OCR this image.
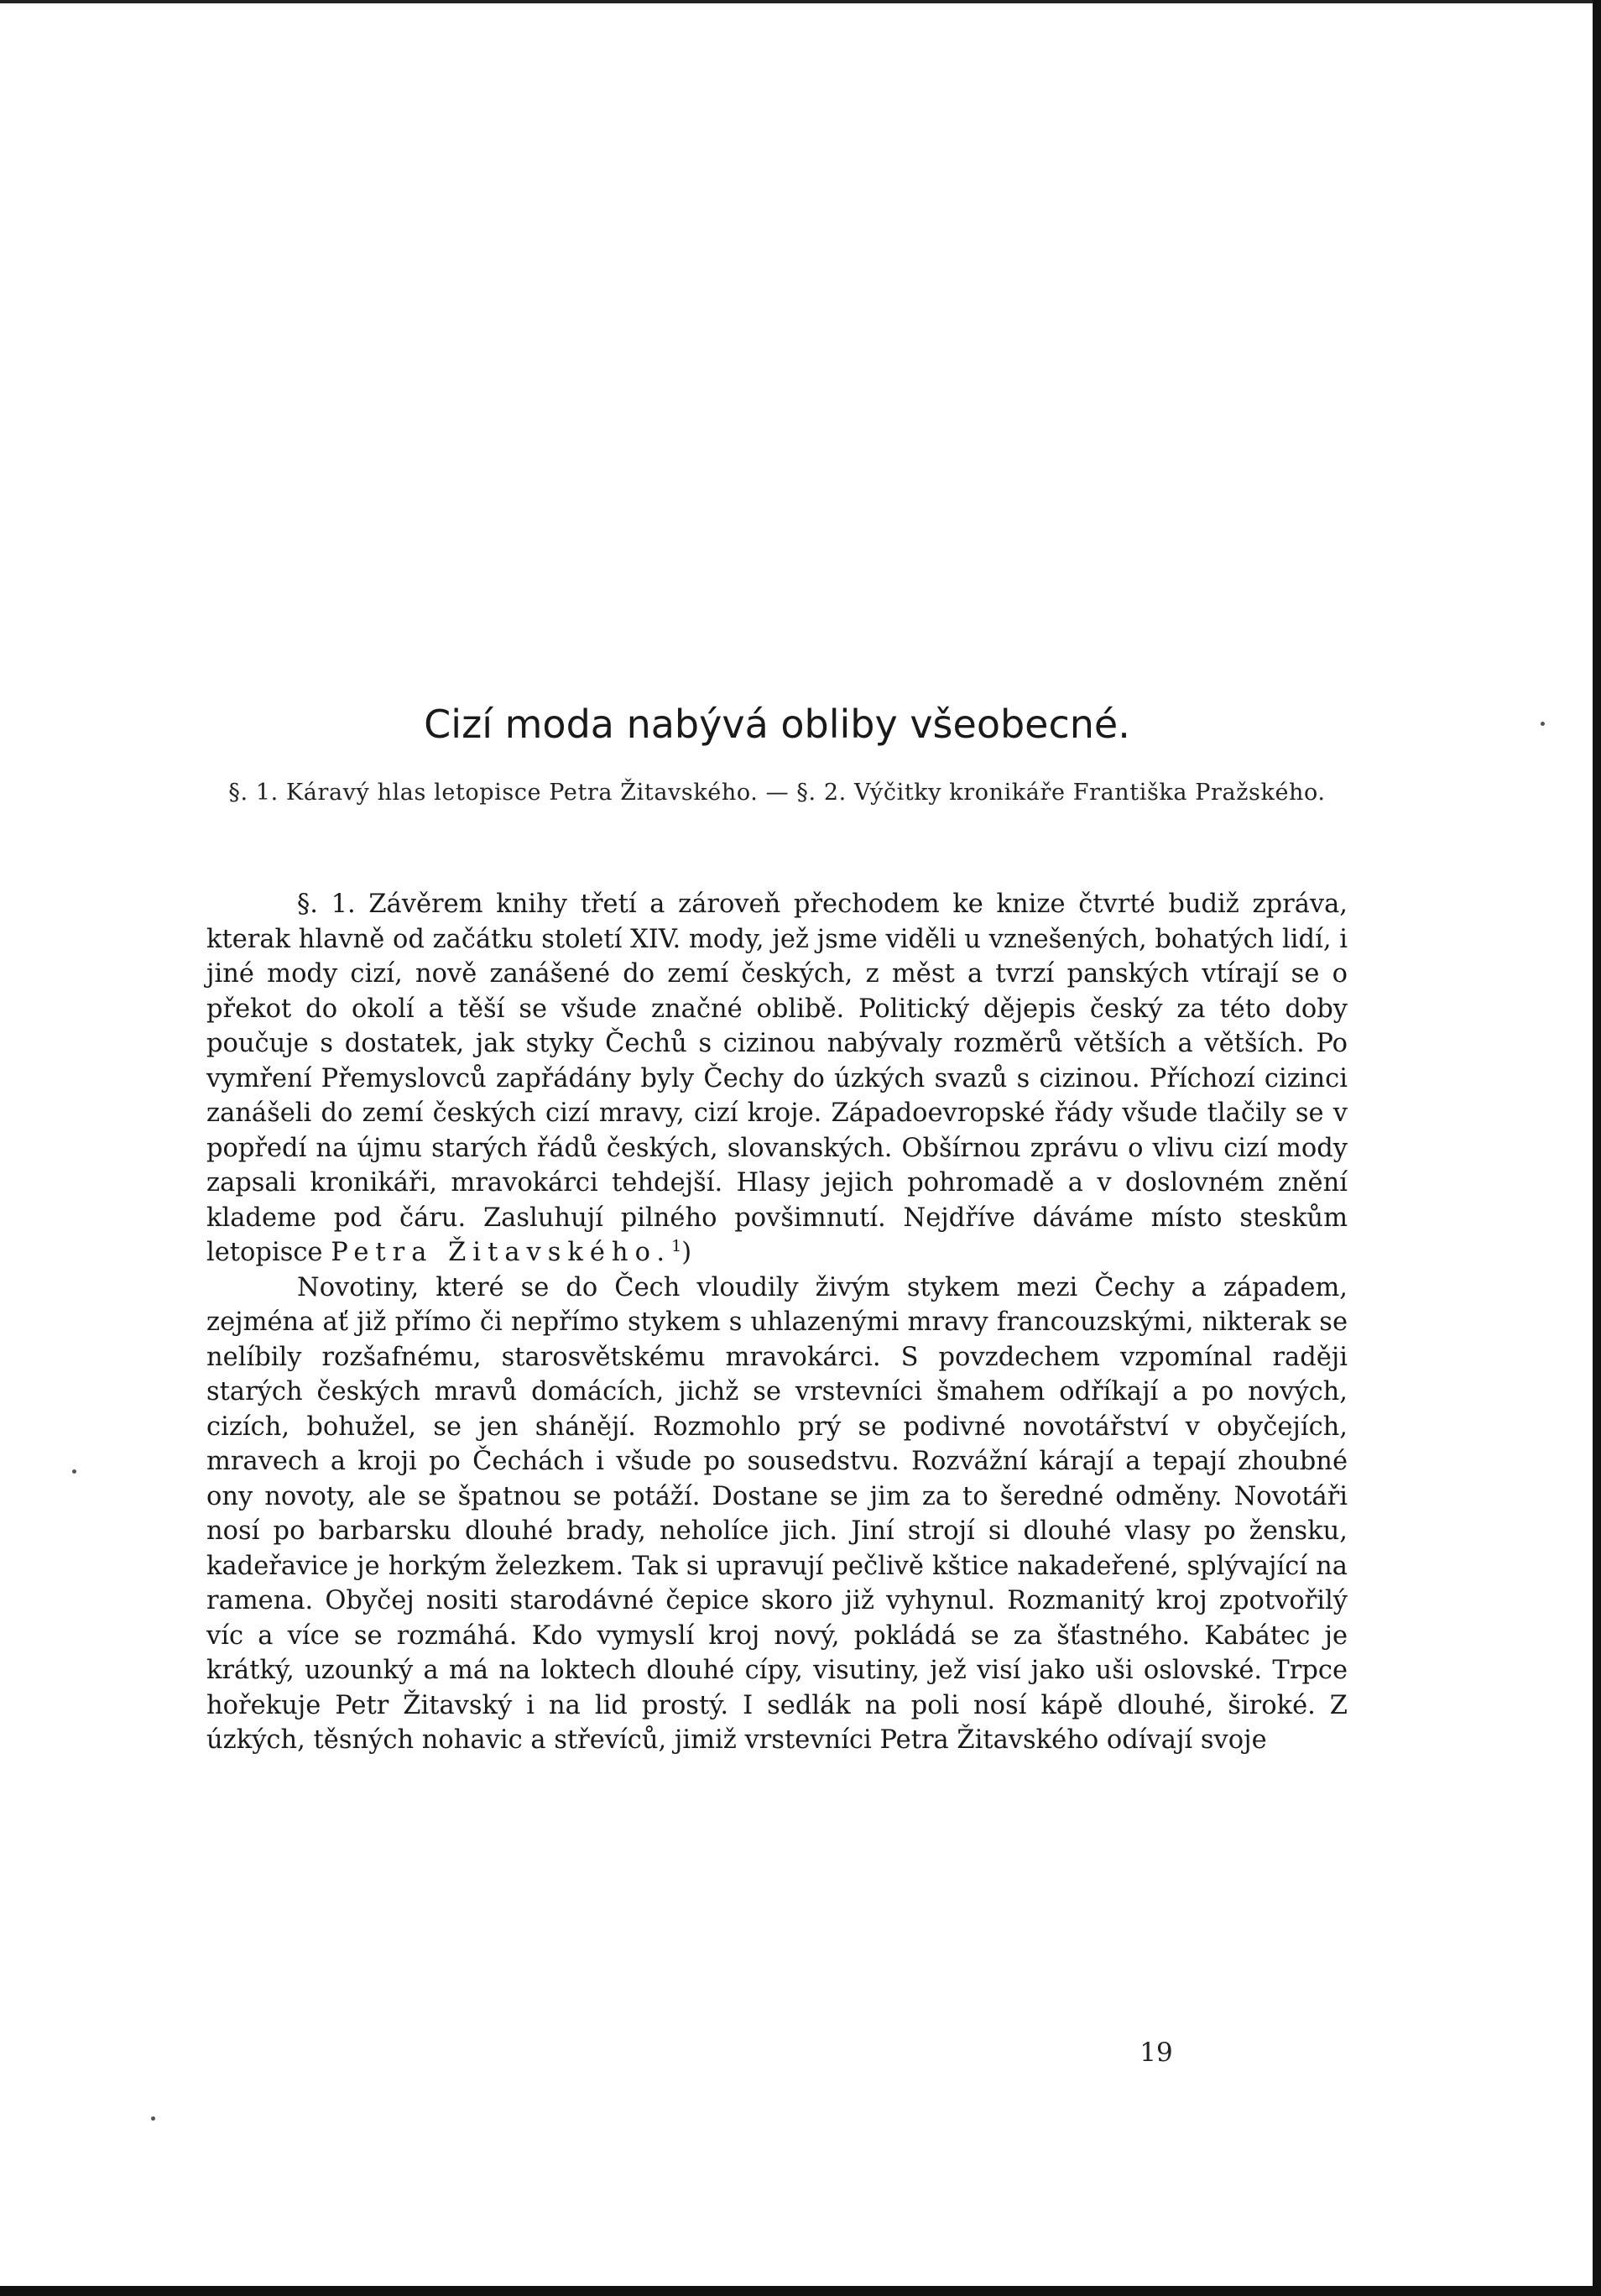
Cizí moda nabývá obliby všeobecné.
§. 1. Káravý hlas letopisce Petra Žitavského. — §. 2. Výčitky kronikáře Františka Pražského.

§. 1. Závěrem knihy třetí a zároveň přechodem ke knize čtvrté budiž zpráva, kterak hlavně od začátku století XIV. mody, jež jsme viděli u vznešených, bohatých lidí, i jiné mody cizí, nově zanášené do zemí českých, z měst a tvrzí panských vtírají se o překot do okolí a těší se všude značné oblibě. Politický dějepis český za této doby poučuje s dostatek, jak styky Čechů s cizinou nabývaly rozměrů větších a větších. Po vymření Přemyslovců zapřádány byly Čechy do úzkých svazů s cizinou. Příchozí cizinci zanášeli do zemí českých cizí mravy, cizí kroje. Západoevropské řády všude tlačily se v popředí na újmu starých řádů českých, slovanských. Obšírnou zprávu o vlivu cizí mody zapsali kronikáři, mravokárci tehdejší. Hlasy jejich pohromadě a v doslovném znění klademe pod čáru. Zasluhují pilného povšimnutí. Nejdříve dáváme místo steskům letopisce Petra Žitavského.$^1$)

Novotiny, které se do Čech vloudily živým stykem mezi Čechy a západem, zejména ať již přímo či nepřímo stykem s uhlazenými mravy francouzskými, nikterak se nelíbily rozšafnému, starosvětskému mravokárci. S povzdechem vzpomínal raději starých českých mravů domácích, jichž se vrstevníci šmahem odříkají a po nových, cizích, bohužel, se jen shánějí. Rozmohlo prý se podivné novotářství v obyčejích, mravech a kroji po Čechách i všude po sousedstvu. Rozvážní kárají a tepají zhoubné ony novoty, ale se špatnou se potáží. Dostane se jim za to šeredné odměny. Novotáři nosí po barbarsku dlouhé brady, neholíce jich. Jiní strojí si dlouhé vlasy po žensku, kadeřavice je horkým železkem. Tak si upravují pečlivě kštice nakadeřené, splývající na ramena. Obyčej nositi starodávné čepice skoro již vyhynul. Rozmanitý kroj zpotvořilý víc a více se rozmáhá. Kdo vymyslí kroj nový, pokládá se za šťastného. Kabátec je krátký, uzounký a má na loktech dlouhé cípy, visutiny, jež visí jako uši oslovské. Trpce hořekuje Petr Žitavský i na lid prostý. I sedlák na poli nosí kápě dlouhé, široké. Z úzkých, těsných nohavic a střevíců, jimiž vrstevníci Petra Žitavského odívají svoje

19
